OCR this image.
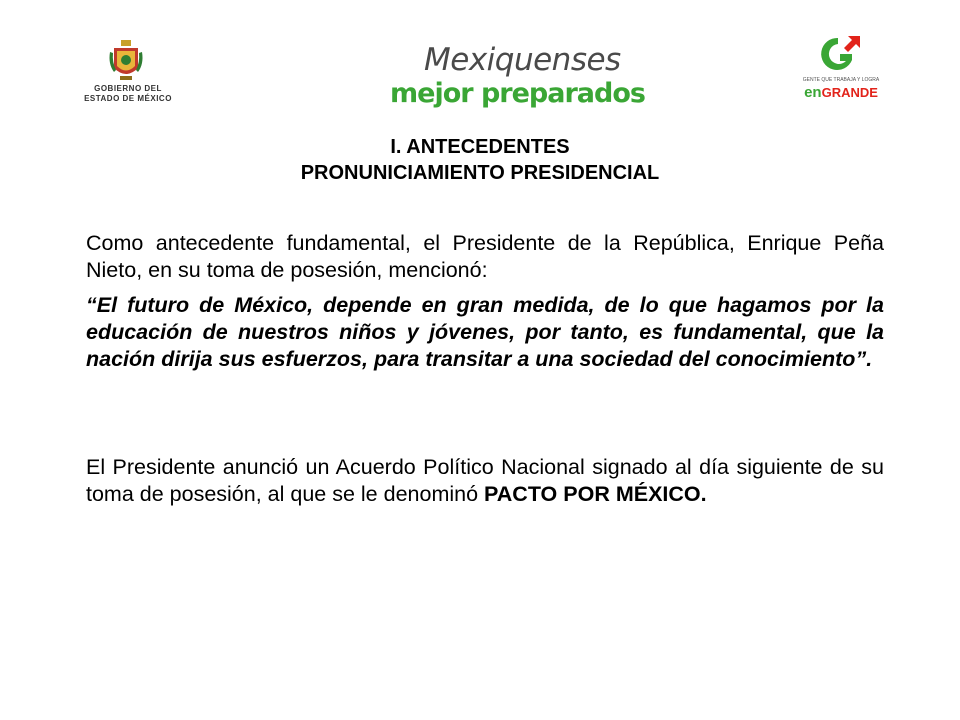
GOBIERNO DEL
ESTADO DE MÉXICO
Mexiquenses
mejor preparados	GENTE QUE TRABAJA Y LOGRA
enGRANDE
I. ANTECEDENTES
PRONUNICIAMIENTO PRESIDENCIAL
Como antecedente fundamental, el Presidente de la República, Enrique Peña Nieto, en su toma de posesión, mencionó:
“El futuro de México, depende en gran medida, de lo que hagamos por la educación de nuestros niños y jóvenes, por tanto, es fundamental, que la nación dirija sus esfuerzos, para transitar a una sociedad del conocimiento”.
El Presidente anunció un Acuerdo Político Nacional signado al día siguiente de su toma de posesión, al que se le denominó PACTO POR MÉXICO.
